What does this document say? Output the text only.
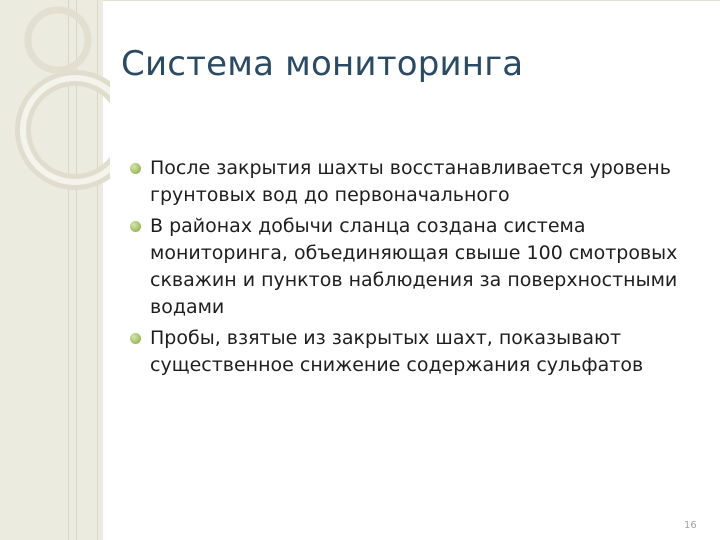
Система мониторинга
После закрытия шахты восстанавливается уровень грунтовых вод до первоначального
В районах добычи сланца создана система мониторинга, объединяющая свыше 100 смотровых скважин и пунктов наблюдения за поверхностными водами
Пробы, взятые из закрытых шахт, показывают существенное снижение содержания сульфатов
16
